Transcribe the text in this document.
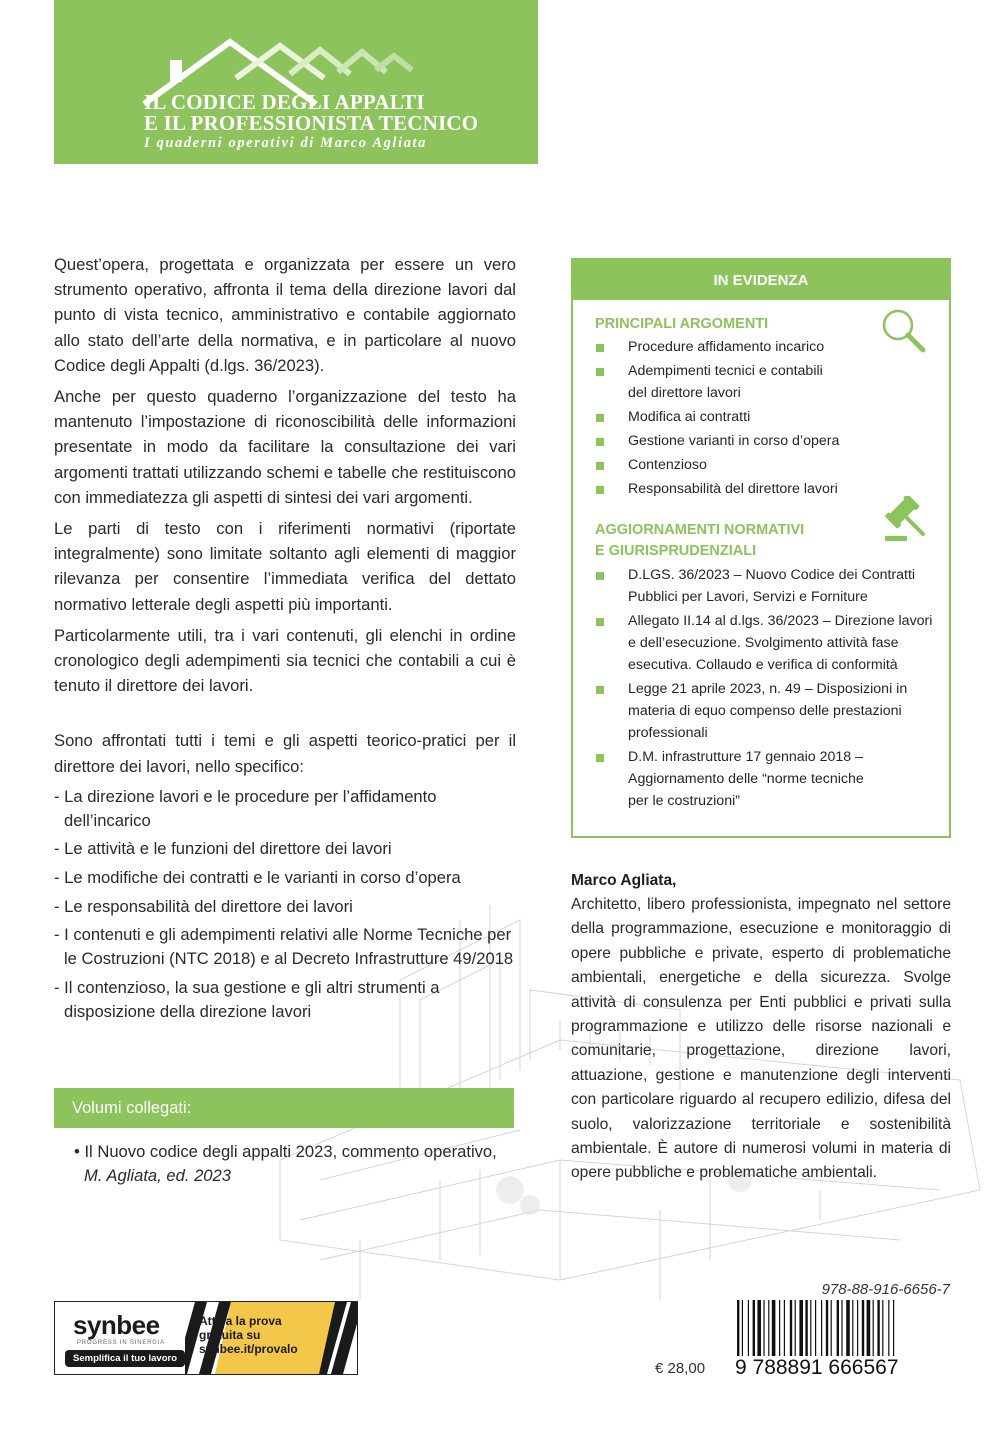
IL CODICE DEGLI APPALTI
E IL PROFESSIONISTA TECNICO
I quaderni operativi di Marco Agliata

Quest’opera, progettata e organizzata per essere un vero strumento operativo, affronta il tema della direzione lavori dal punto di vista tecnico, amministrativo e contabile aggiornato allo stato dell’arte della normativa, e in particolare al nuovo Codice degli Appalti (d.lgs. 36/2023).

Anche per questo quaderno l’organizzazione del testo ha mantenuto l’impostazione di riconoscibilità delle informazioni presentate in modo da facilitare la consultazione dei vari argomenti trattati utilizzando schemi e tabelle che restituiscono con immediatezza gli aspetti di sintesi dei vari argomenti.

Le parti di testo con i riferimenti normativi (riportate integralmente) sono limitate soltanto agli elementi di maggior rilevanza per consentire l’immediata verifica del dettato normativo letterale degli aspetti più importanti.

Particolarmente utili, tra i vari contenuti, gli elenchi in ordine cronologico degli adempimenti sia tecnici che contabili a cui è tenuto il direttore dei lavori.

Sono affrontati tutti i temi e gli aspetti teorico-pratici per il direttore dei lavori, nello specifico:

- La direzione lavori e le procedure per l’affidamento dell’incarico
- Le attività e le funzioni del direttore dei lavori
- Le modifiche dei contratti e le varianti in corso d’opera
- Le responsabilità del direttore dei lavori
- I contenuti e gli adempimenti relativi alle Norme Tecniche per le Costruzioni (NTC 2018) e al Decreto Infrastrutture 49/2018
- Il contenzioso, la sua gestione e gli altri strumenti a disposizione della direzione lavori
Volumi collegati:
• Il Nuovo codice degli appalti 2023, commento operativo,
M. Agliata, ed. 2023
IN EVIDENZA
PRINCIPALI ARGOMENTI
Procedure affidamento incarico
Adempimenti tecnici e contabili del direttore lavori
Modifica ai contratti
Gestione varianti in corso d’opera
Contenzioso
Responsabilità del direttore lavori
AGGIORNAMENTI NORMATIVI
E GIURISPRUDENZIALI
D.LGS. 36/2023 – Nuovo Codice dei Contratti Pubblici per Lavori, Servizi e Forniture
Allegato II.14 al d.lgs. 36/2023 – Direzione lavori e dell’esecuzione. Svolgimento attività fase esecutiva. Collaudo e verifica di conformità
Legge 21 aprile 2023, n. 49 – Disposizioni in materia di equo compenso delle prestazioni professionali
D.M. infrastrutture 17 gennaio 2018 – Aggiornamento delle “norme tecniche per le costruzioni”
Marco Agliata,

Architetto, libero professionista, impegnato nel settore della programmazione, esecuzione e monitoraggio di opere pubbliche e private, esperto di problematiche ambientali, energetiche e della sicurezza. Svolge attività di consulenza per Enti pubblici e privati sulla programmazione e utilizzo delle risorse nazionali e comunitarie, progettazione, direzione lavori, attuazione, gestione e manutenzione degli interventi con particolare riguardo al recupero edilizio, difesa del suolo, valorizzazione territoriale e sostenibilità ambientale. È autore di numerosi volumi in materia di opere pubbliche e problematiche ambientali.

synbee
PROGRESS IN SINERGIA
Semplifica il tuo lavoro
Attiva la prova
gratuita su
synbee.it/provalo
978-88-916-6656-7
9 788891 666567
€ 28,00
